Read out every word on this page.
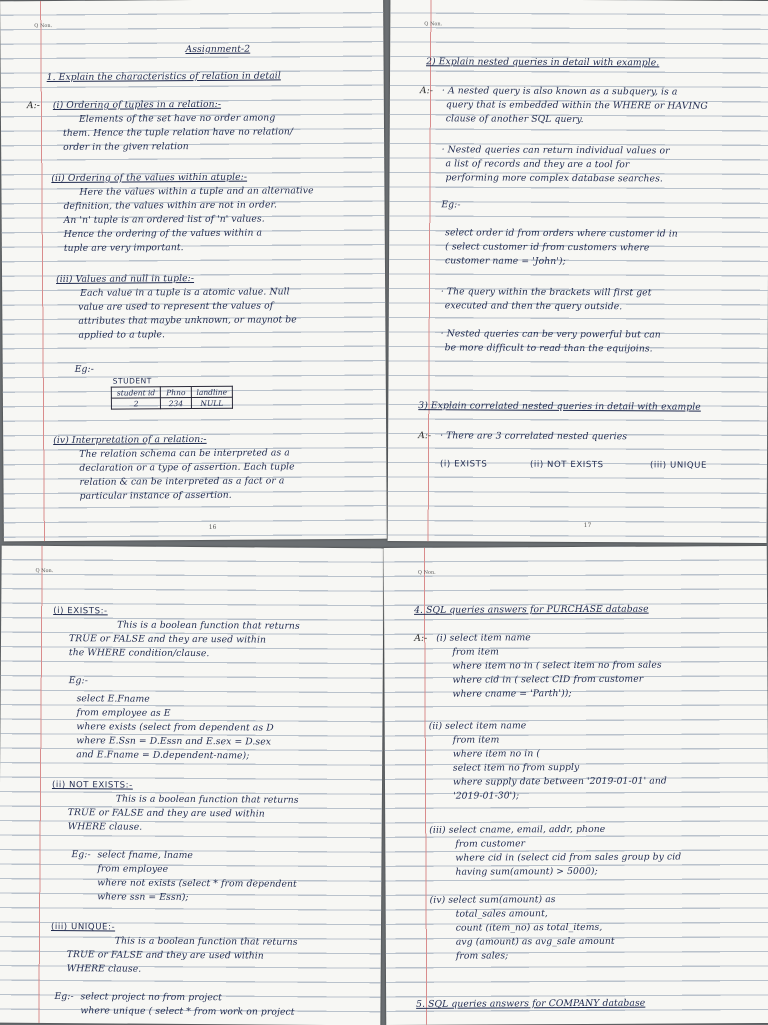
Q Non.
Assignment-2
1. Explain the characteristics of relation in detail
A:- (i) Ordering of tuples in a relation:-
Elements of the set have no order among
them. Hence the tuple relation have no relation/
order in the given relation
(ii) Ordering of the values within atuple:-
Here the values within a tuple and an alternative
definition, the values within are not in order.
An 'n' tuple is an ordered list of 'n' values.
Hence the ordering of the values within a
tuple are very important.
(iii) Values and null in tuple:-
Each value in a tuple is a atomic value. Null
value are used to represent the values of
attributes that maybe unknown, or maynot be
applied to a tuple.
Eg:-
STUDENT
student id	Phno	landline
2	234	NULL
(iv) Interpretation of a relation:-
The relation schema can be interpreted as a
declaration or a type of assertion. Each tuple
relation & can be interpreted as a fact or a
particular instance of assertion.
16
Q Non.
2) Explain nested queries in detail with example.
A:- · A nested query is also known as a subquery, is a
query that is embedded within the WHERE or HAVING
clause of another SQL query.
· Nested queries can return individual values or
a list of records and they are a tool for
performing more complex database searches.
Eg:-
select order id from orders where customer id in
( select customer id from customers where
customer name = 'John');
· The query within the brackets will first get
executed and then the query outside.
· Nested queries can be very powerful but can
be more difficult to read than the equijoins.
3) Explain correlated nested queries in detail with example
A:- · There are 3 correlated nested queries
(i) EXISTS	(ii) NOT EXISTS	(iii) UNIQUE
17
Q Non.
(i) EXISTS:-
This is a boolean function that returns
TRUE or FALSE and they are used within
the WHERE condition/clause.
Eg:-
select E.Fname
from employee as E
where exists (select from dependent as D
where E.Ssn = D.Essn and E.sex = D.sex
and E.Fname = D.dependent-name);
(ii) NOT EXISTS:-
This is a boolean function that returns
TRUE or FALSE and they are used within
WHERE clause.
Eg:- select fname, lname
from employee
where not exists (select * from dependent
where ssn = Essn);
(iii) UNIQUE:-
This is a boolean function that returns
TRUE or FALSE and they are used within
WHERE clause.
Eg:- select project no from project
where unique ( select * from work on project
Q Non.
4. SQL queries answers for PURCHASE database
A:- (i) select item name
from item
where item no in ( select item no from sales
where cid in ( select CID from customer
where cname = 'Parth'));
(ii) select item name
from item
where item no in (
select item no from supply
where supply date between '2019-01-01' and
'2019-01-30');
(iii) select cname, email, addr, phone
from customer
where cid in (select cid from sales group by cid
having sum(amount) > 5000);
(iv) select sum(amount) as
total_sales amount,
count (item_no) as total_items,
avg (amount) as avg_sale amount
from sales;
5. SQL queries answers for COMPANY database
